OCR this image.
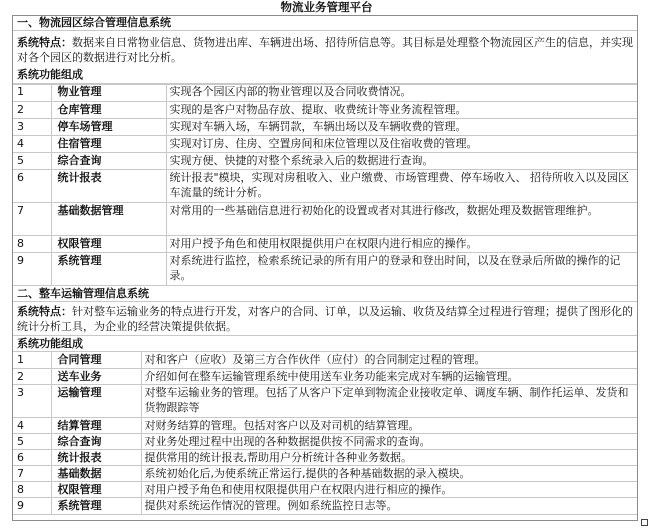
物流业务管理平台
一、物流园区综合管理信息系统
系统特点：数据来自日常物业信息、货物进出库、车辆进出场、招待所信息等。其目标是处理整个物流园区产生的信息，并实现对各个园区的数据进行对比分析。
系统功能组成
1	物业管理	实现各个园区内部的物业管理以及合同收费情况。
2	仓库管理	实现的是客户对物品存放、提取、收费统计等业务流程管理。
3	停车场管理	实现对车辆入场，车辆罚款，车辆出场以及车辆收费的管理。
4	住宿管理	实现对订房、住房、空置房间和床位管理以及住宿收费的管理。
5	综合查询	实现方便、快捷的对整个系统录入后的数据进行查询。
6	统计报表	统计报表"模块，实现对房租收入、业户缴费、市场管理费、停车场收入、 招待所收入以及园区车流量的统计分析。
7	基础数据管理	对常用的一些基础信息进行初始化的设置或者对其进行修改，数据处理及数据管理维护。
8	权限管理	对用户授予角色和使用权限提供用户在权限内进行相应的操作。
9	系统管理	对系统进行监控，检索系统记录的所有用户的登录和登出时间，以及在登录后所做的操作的记录。
二、整车运输管理信息系统
系统特点：针对整车运输业务的特点进行开发，对客户的合同、订单，以及运输、收货及结算全过程进行管理；提供了图形化的统计分析工具，为企业的经营决策提供依据。
系统功能组成
1	合同管理	对和客户（应收）及第三方合作伙伴（应付）的合同制定过程的管理。
2	送车业务	介绍如何在整车运输管理系统中使用送车业务功能来完成对车辆的运输管理。
3	运输管理	对整车运输业务的管理。包括了从客户下定单到物流企业接收定单、调度车辆、制作托运单、发货和货物跟踪等
4	结算管理	对财务结算的管理。包括对客户以及对司机的结算管理。
5	综合查询	对业务处理过程中出现的各种数据提供按不同需求的查询。
6	统计报表	提供常用的统计报表,帮助用户分析统计各种业务数据。
7	基础数据	系统初始化后,为使系统正常运行,提供的各种基础数据的录入模块。
8	权限管理	对用户授予角色和使用权限提供用户在权限内进行相应的操作。
9	系统管理	提供对系统运作情况的管理。例如系统监控日志等。
